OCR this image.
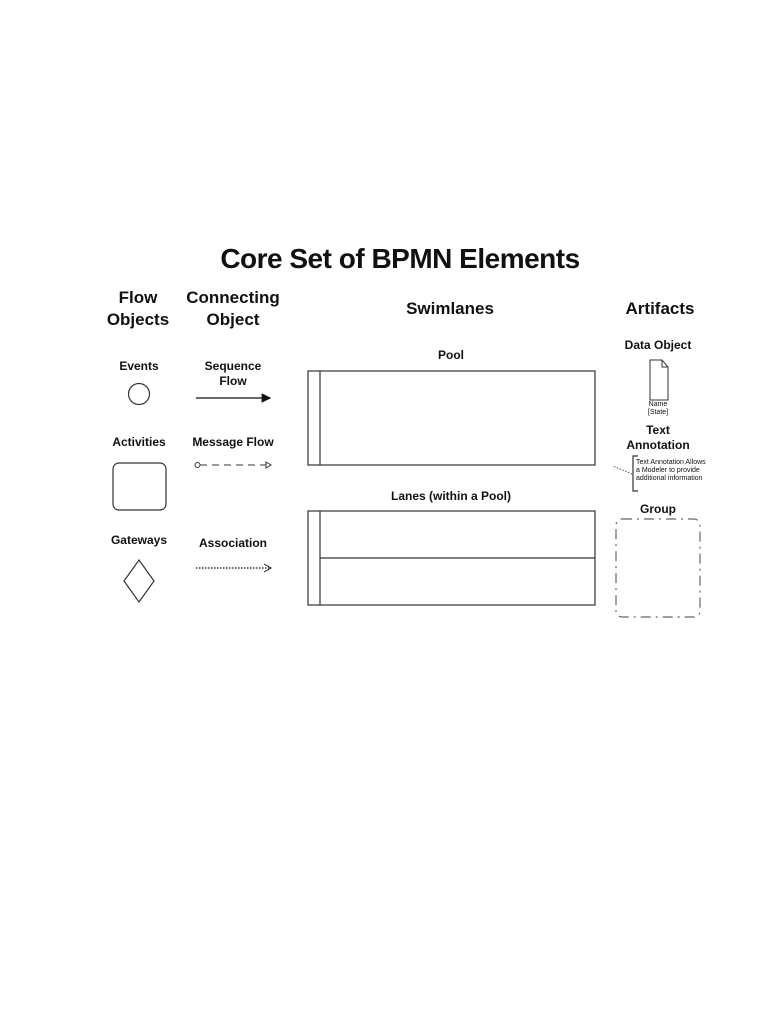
Core Set of BPMN Elements
Flow
Objects
Connecting
Object
Swimlanes	Artifacts
Events
Activities
Gateways
Sequence
Flow
Message Flow
Association
Pool
Lanes (within a Pool)
Data Object
Name
[State]
Text
Annotation
Text Annotation Allows
a Modeler to provide
additional information
Group
